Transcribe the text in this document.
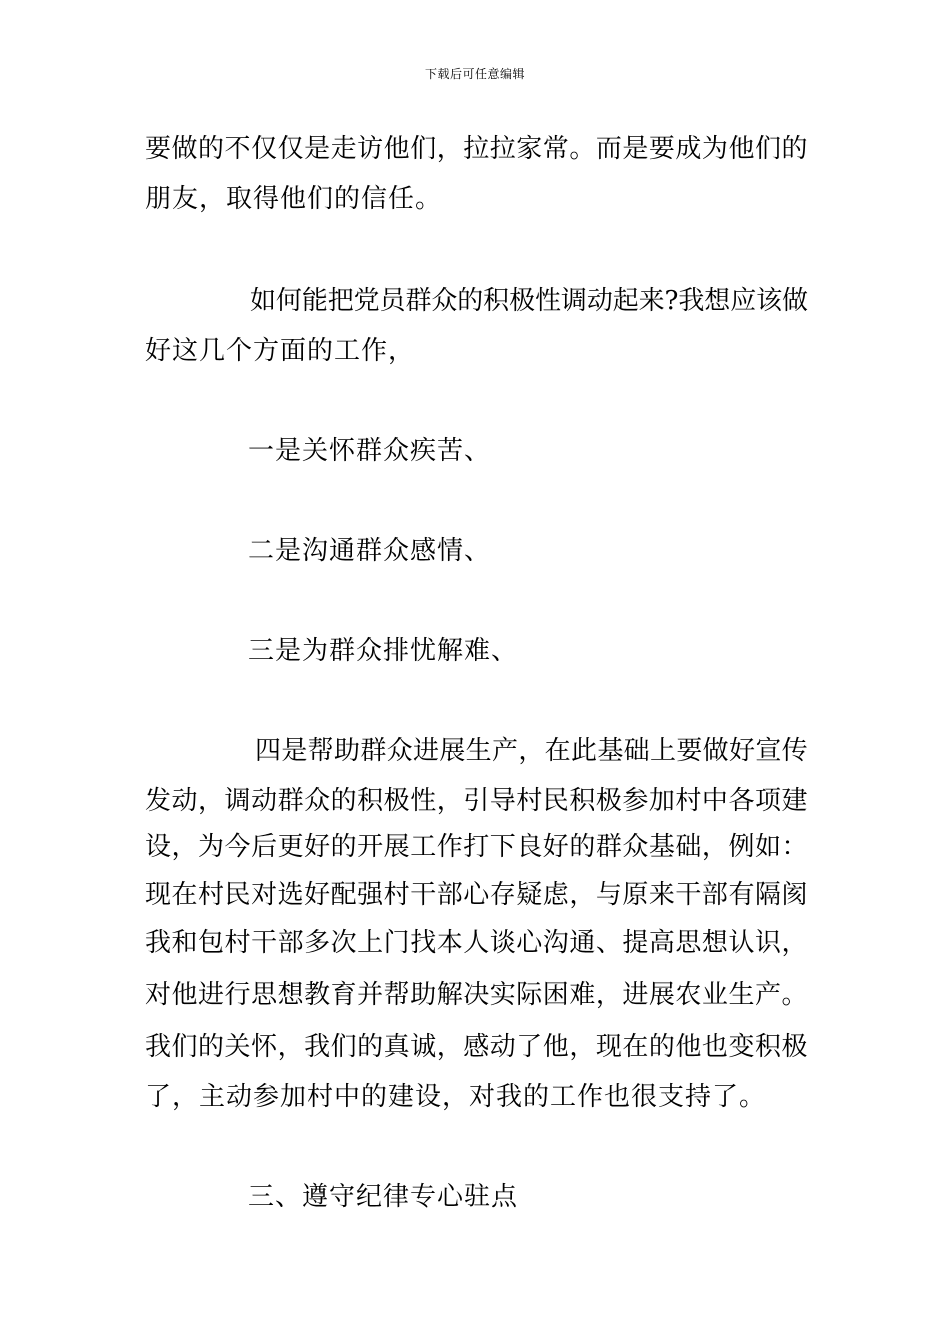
下载后可任意编辑
要做的不仅仅是走访他们，拉拉家常。而是要成为他们的
朋友，取得他们的信任。
如何能把党员群众的积极性调动起来?我想应该做
好这几个方面的工作，
一是关怀群众疾苦、
二是沟通群众感情、
三是为群众排忧解难、
四是帮助群众进展生产，在此基础上要做好宣传
发动，调动群众的积极性，引导村民积极参加村中各项建
设，为今后更好的开展工作打下良好的群众基础，例如：
现在村民对选好配强村干部心存疑虑，与原来干部有隔阂
我和包村干部多次上门找本人谈心沟通、提高思想认识，
对他进行思想教育并帮助解决实际困难，进展农业生产。
我们的关怀，我们的真诚，感动了他，现在的他也变积极
了，主动参加村中的建设，对我的工作也很支持了。
三、遵守纪律专心驻点
